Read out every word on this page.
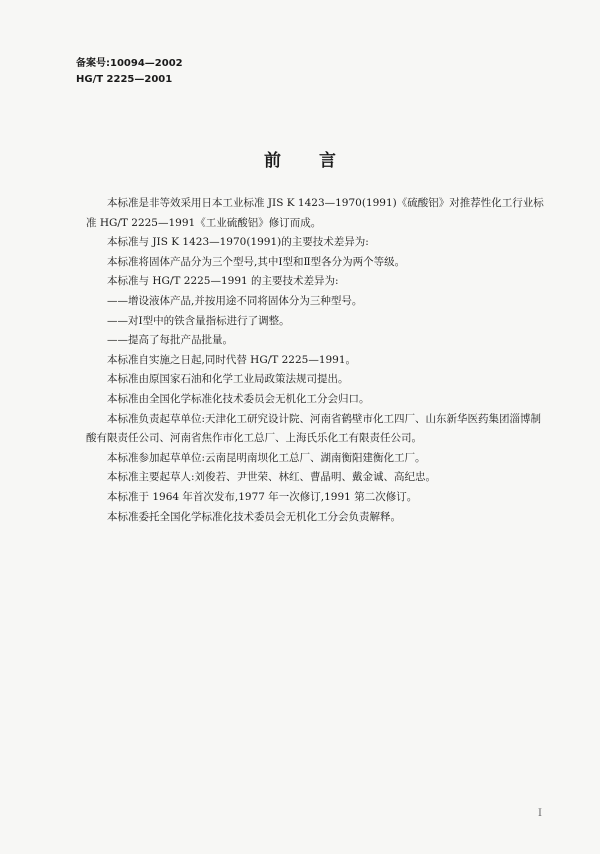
备案号:10094—2002
HG/T 2225—2001
前言
本标准是非等效采用日本工业标准 JIS K 1423—1970(1991)《硫酸铝》对推荐性化工行业标准 HG/T 2225—1991《工业硫酸铝》修订而成。
本标准与 JIS K 1423—1970(1991)的主要技术差异为:
本标准将固体产品分为三个型号,其中Ⅰ型和Ⅱ型各分为两个等级。
本标准与 HG/T 2225—1991 的主要技术差异为:
——增设液体产品,并按用途不同将固体分为三种型号。
——对Ⅰ型中的铁含量指标进行了调整。
——提高了每批产品批量。
本标准自实施之日起,同时代替 HG/T 2225—1991。
本标准由原国家石油和化学工业局政策法规司提出。
本标准由全国化学标准化技术委员会无机化工分会归口。
本标准负责起草单位:天津化工研究设计院、河南省鹤壁市化工四厂、山东新华医药集团淄博制酸有限责任公司、河南省焦作市化工总厂、上海氏乐化工有限责任公司。
本标准参加起草单位:云南昆明南坝化工总厂、湖南衡阳建衡化工厂。
本标准主要起草人:刘俊若、尹世荣、林红、曹晶明、戴金诚、高纪忠。
本标准于 1964 年首次发布,1977 年一次修订,1991 第二次修订。
本标准委托全国化学标准化技术委员会无机化工分会负责解释。
I
